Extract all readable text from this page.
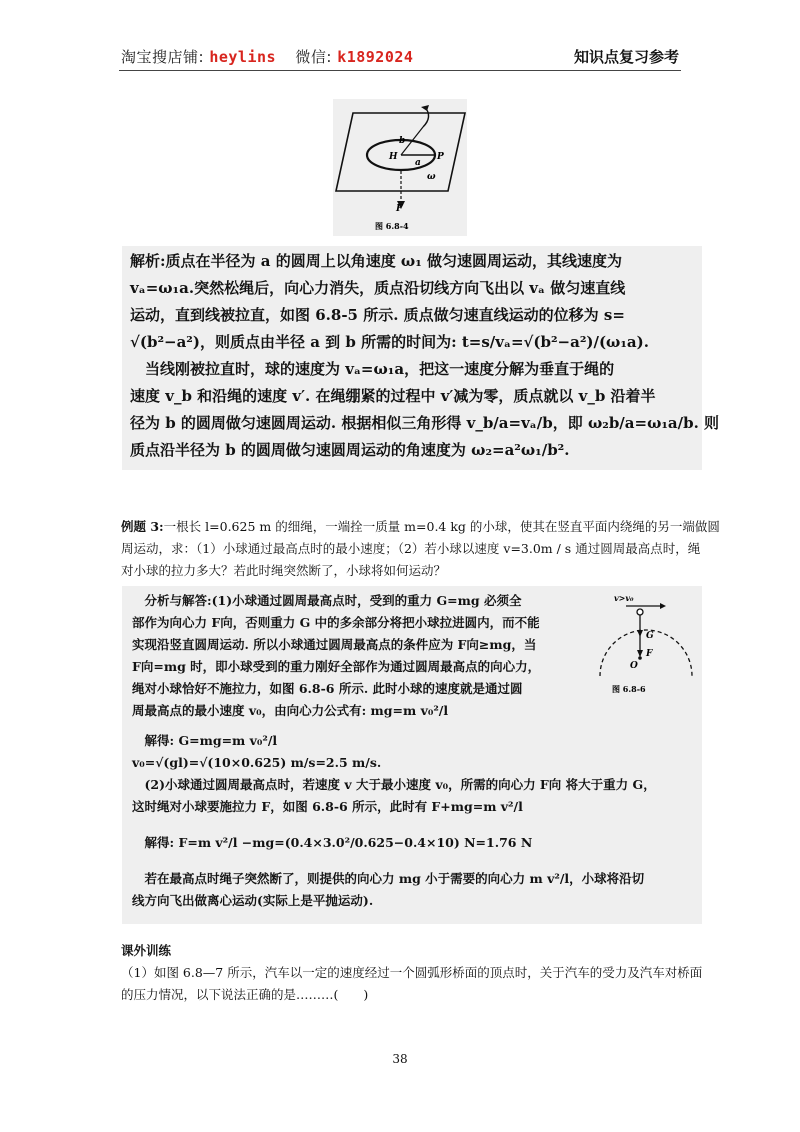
淘宝搜店铺: heylins 微信: k1892024	知识点复习参考
b
H
a
P
ω
F
图 6.8-4
解析:质点在半径为 a 的圆周上以角速度 ω₁ 做匀速圆周运动，其线速度为
vₐ=ω₁a.突然松绳后，向心力消失，质点沿切线方向飞出以 vₐ 做匀速直线
运动，直到线被拉直，如图 6.8-5 所示. 质点做匀速直线运动的位移为 s=
√(b²−a²)，则质点由半径 a 到 b 所需的时间为: t=s/vₐ=√(b²−a²)/(ω₁a).
　当线刚被拉直时，球的速度为 vₐ=ω₁a，把这一速度分解为垂直于绳的
速度 v_b 和沿绳的速度 v′. 在绳绷紧的过程中 v′减为零，质点就以 v_b 沿着半
径为 b 的圆周做匀速圆周运动. 根据相似三角形得 v_b/a=vₐ/b，即 ω₂b/a=ω₁a/b. 则
质点沿半径为 b 的圆周做匀速圆周运动的角速度为 ω₂=a²ω₁/b².
例题 3:一根长 l=0.625 m 的细绳，一端拴一质量 m=0.4 kg 的小球，使其在竖直平面内绕绳的另一端做圆
周运动，求：（1）小球通过最高点时的最小速度；（2）若小球以速度 v=3.0m / s 通过圆周最高点时，绳
对小球的拉力多大？若此时绳突然断了，小球将如何运动？
　分析与解答:(1)小球通过圆周最高点时，受到的重力 G=mg 必须全
部作为向心力 F向，否则重力 G 中的多余部分将把小球拉进圆内，而不能
实现沿竖直圆周运动. 所以小球通过圆周最高点的条件应为 F向≥mg，当
F向=mg 时，即小球受到的重力刚好全部作为通过圆周最高点的向心力，
绳对小球恰好不施拉力，如图 6.8-6 所示. 此时小球的速度就是通过圆
周最高点的最小速度 v₀，由向心力公式有: mg=m v₀²/l
　解得: G=mg=m v₀²/l
v₀=√(gl)=√(10×0.625) m/s=2.5 m/s.
　(2)小球通过圆周最高点时，若速度 v 大于最小速度 v₀，所需的向心力 F向 将大于重力 G，
这时绳对小球要施拉力 F，如图 6.8-6 所示，此时有 F+mg=m v²/l
　解得: F=m v²/l −mg=(0.4×3.0²/0.625−0.4×10) N=1.76 N
　若在最高点时绳子突然断了，则提供的向心力 mg 小于需要的向心力 m v²/l，小球将沿切
线方向飞出做离心运动(实际上是平抛运动).
v>v₀
G
F
O
图 6.8-6
课外训练
（1）如图 6.8—7 所示，汽车以一定的速度经过一个圆弧形桥面的顶点时，关于汽车的受力及汽车对桥面
的压力情况，以下说法正确的是………(　　)
38
